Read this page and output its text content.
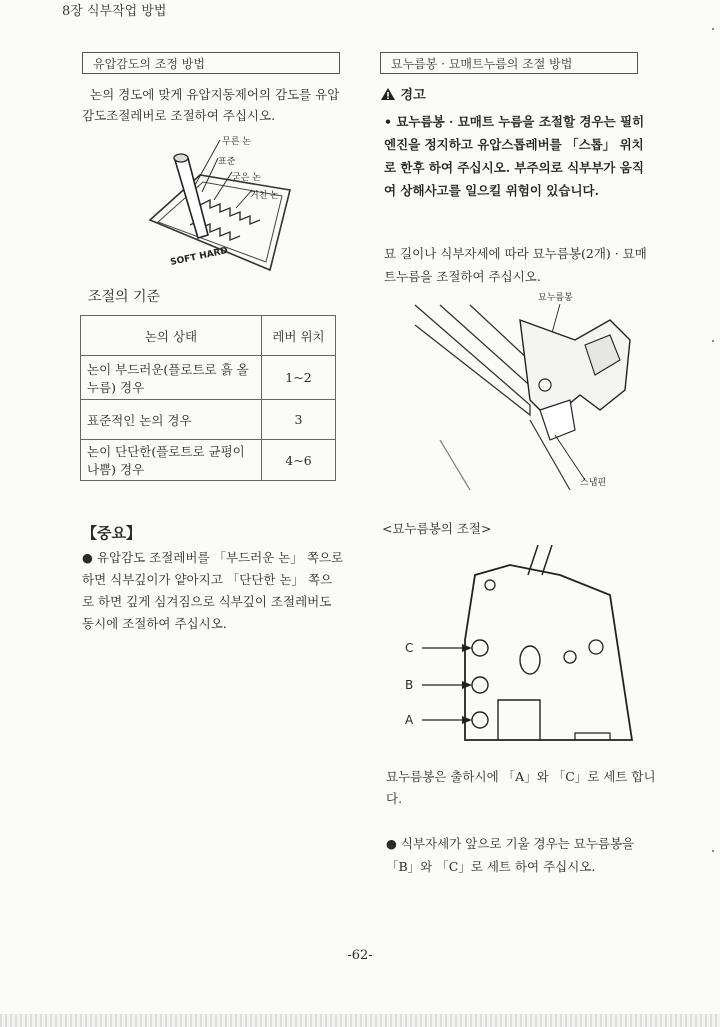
8장 식부작업 방법
유압감도의 조정 방법
논의 경도에 맞게 유압지동제어의 감도를 유압감도조절레버로 조절하여 주십시오.
무른 논
표준
굳은 논
거친 논
SOFT HARD
조절의 기준
논의 상태	레버 위치
논이 부드러운(플로트로 흙 올누름) 경우	1~2
표준적인 논의 경우	3
논이 단단한(플로트로 균평이 나쁨) 경우	4~6
【중요】
● 유압감도 조절레버를 「부드러운 논」 쪽으로 하면 식부깊이가 얕아지고 「단단한 논」 쪽으로 하면 깊게 심겨짐으로 식부깊이 조절레버도 동시에 조절하여 주십시오.
묘누름봉 · 묘매트누름의 조절 방법
경고
• 묘누름봉 · 묘매트 누름을 조절할 경우는 필히 엔진을 정지하고 유압스톱레버를 「스톱」 위치로 한후 하여 주십시오. 부주의로 식부부가 움직여 상해사고를 일으킬 위험이 있습니다.
묘 길이나 식부자세에 따라 묘누름봉(2개) · 묘매트누름을 조절하여 주십시오.
묘누름봉
스냅핀
<묘누름봉의 조절>
C
B
A
묘누름봉은 출하시에 「A」와 「C」로 세트 합니다.
● 식부자세가 앞으로 기울 경우는 묘누름봉을 「B」와 「C」로 세트 하여 주십시오.
-62-
